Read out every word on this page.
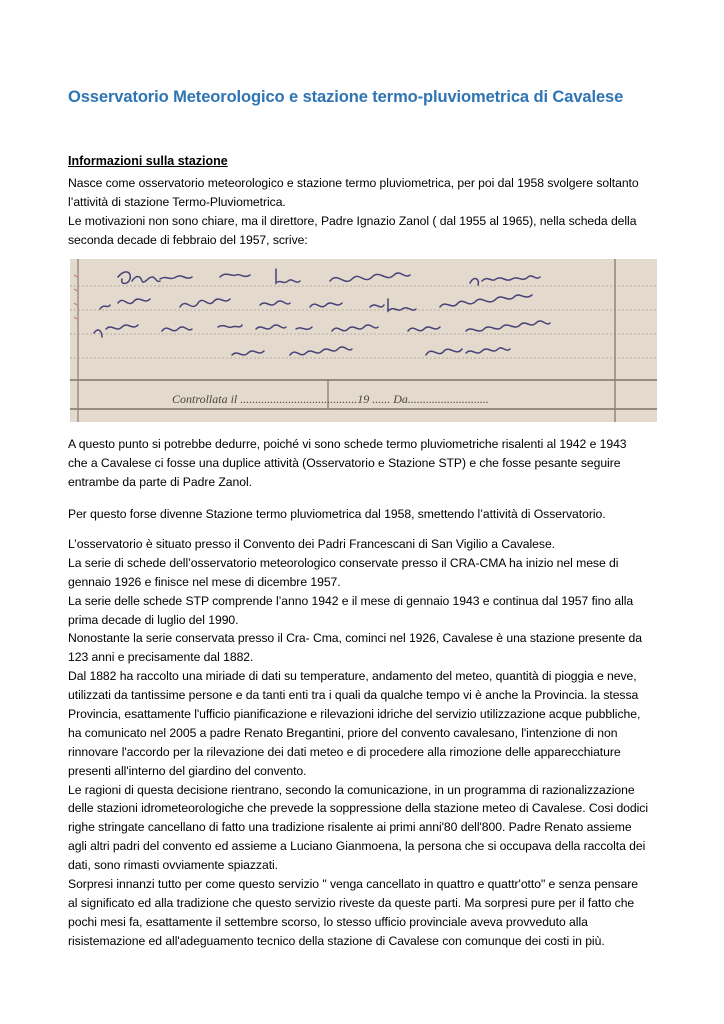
Osservatorio Meteorologico e stazione termo-pluviometrica di Cavalese
Informazioni sulla stazione
Nasce come osservatorio meteorologico e stazione termo pluviometrica, per poi dal 1958 svolgere soltanto
l’attività di stazione Termo-Pluviometrica.
Le motivazioni non sono chiare, ma il direttore, Padre Ignazio Zanol ( dal 1955 al 1965), nella scheda della
seconda decade di febbraio del 1957, scrive:
Controllata il .......................................19 ...... Da...........................
A questo punto si potrebbe dedurre, poiché vi sono schede termo pluviometriche risalenti al 1942 e 1943
che a Cavalese ci fosse una duplice attività (Osservatorio e Stazione STP) e che fosse pesante seguire
entrambe da parte di Padre Zanol.
Per questo forse divenne Stazione termo pluviometrica dal 1958, smettendo l’attività di Osservatorio.
L’osservatorio è situato presso il Convento dei Padri Francescani di San Vigilio a Cavalese.
La serie di schede dell’osservatorio meteorologico conservate presso il CRA-CMA ha inizio nel mese di
gennaio 1926 e finisce nel mese di dicembre 1957.
La serie delle schede STP comprende l’anno 1942 e il mese di gennaio 1943 e continua dal 1957 fino alla
prima decade di luglio del 1990.
Nonostante la serie conservata presso il Cra- Cma, cominci nel 1926, Cavalese è una stazione presente da
123 anni e precisamente dal 1882.
Dal 1882 ha raccolto una miriade di dati su temperature, andamento del meteo, quantità di pioggia e neve,
utilizzati da tantissime persone e da tanti enti tra i quali da qualche tempo vi è anche la Provincia. la stessa
Provincia, esattamente l'ufficio pianificazione e rilevazioni idriche del servizio utilizzazione acque pubbliche,
ha comunicato nel 2005 a padre Renato Bregantini, priore del convento cavalesano, l'intenzione di non
rinnovare l'accordo per la rilevazione dei dati meteo e di procedere alla rimozione delle apparecchiature
presenti all'interno del giardino del convento.
Le ragioni di questa decisione rientrano, secondo la comunicazione, in un programma di razionalizzazione
delle stazioni idrometeorologiche che prevede la soppressione della stazione meteo di Cavalese. Cosi dodici
righe stringate cancellano di fatto una tradizione risalente ai primi anni'80 dell'800. Padre Renato assieme
agli altri padri del convento ed assieme a Luciano Gianmoena, la persona che si occupava della raccolta dei
dati, sono rimasti ovviamente spiazzati.
Sorpresi innanzi tutto per come questo servizio " venga cancellato in quattro e quattr'otto" e senza pensare
al significato ed alla tradizione che questo servizio riveste da queste parti. Ma sorpresi pure per il fatto che
pochi mesi fa, esattamente il settembre scorso, lo stesso ufficio provinciale aveva provveduto alla
risistemazione ed all'adeguamento tecnico della stazione di Cavalese con comunque dei costi in più.
